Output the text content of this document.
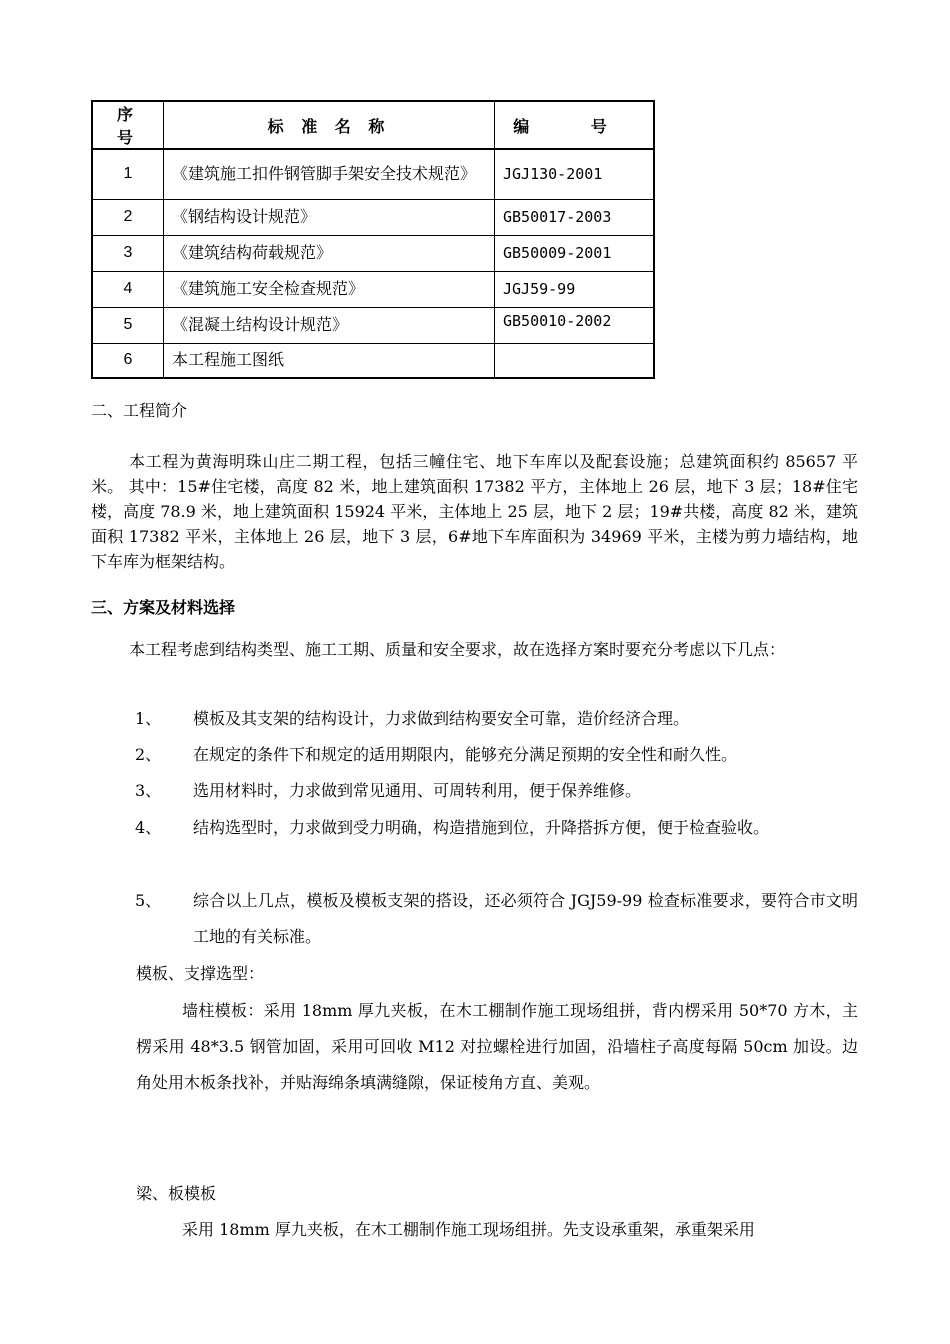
序 号	标 准 名 称	编 号
1	《建筑施工扣件钢管脚手架安全技术规范》	JGJ130-2001
2	《钢结构设计规范》	GB50017-2003
3	《建筑结构荷载规范》	GB50009-2001
4	《建筑施工安全检查规范》	JGJ59-99
5	《混凝土结构设计规范》	GB50010-2002
6	本工程施工图纸	
二、工程简介
本工程为黄海明珠山庄二期工程，包括三幢住宅、地下车库以及配套设施；总建筑面积约 85657 平米。 其中：15#住宅楼，高度 82 米，地上建筑面积 17382 平方，主体地上 26 层，地下 3 层；18#住宅楼，高度 78.9 米，地上建筑面积 15924 平米，主体地上 25 层，地下 2 层；19#共楼，高度 82 米，建筑面积 17382 平米，主体地上 26 层，地下 3 层，6#地下车库面积为 34969 平米，主楼为剪力墙结构，地下车库为框架结构。
三、方案及材料选择
本工程考虑到结构类型、施工工期、质量和安全要求，故在选择方案时要充分考虑以下几点：
1、 模板及其支架的结构设计，力求做到结构要安全可靠，造价经济合理。
2、 在规定的条件下和规定的适用期限内，能够充分满足预期的安全性和耐久性。
3、 选用材料时，力求做到常见通用、可周转利用，便于保养维修。
4、 结构选型时，力求做到受力明确，构造措施到位，升降搭拆方便，便于检查验收。
5、 综合以上几点，模板及模板支架的搭设，还必须符合 JGJ59-99 检查标准要求，要符合市文明工地的有关标准。
模板、支撑选型：
墙柱模板：采用 18mm 厚九夹板，在木工棚制作施工现场组拼，背内楞采用 50*70 方木，主楞采用 48*3.5 钢管加固，采用可回收 M12 对拉螺栓进行加固，沿墙柱子高度每隔 50cm 加设。边角处用木板条找补，并贴海绵条填满缝隙，保证棱角方直、美观。
梁、板模板
采用 18mm 厚九夹板，在木工棚制作施工现场组拼。先支设承重架，承重架采用
